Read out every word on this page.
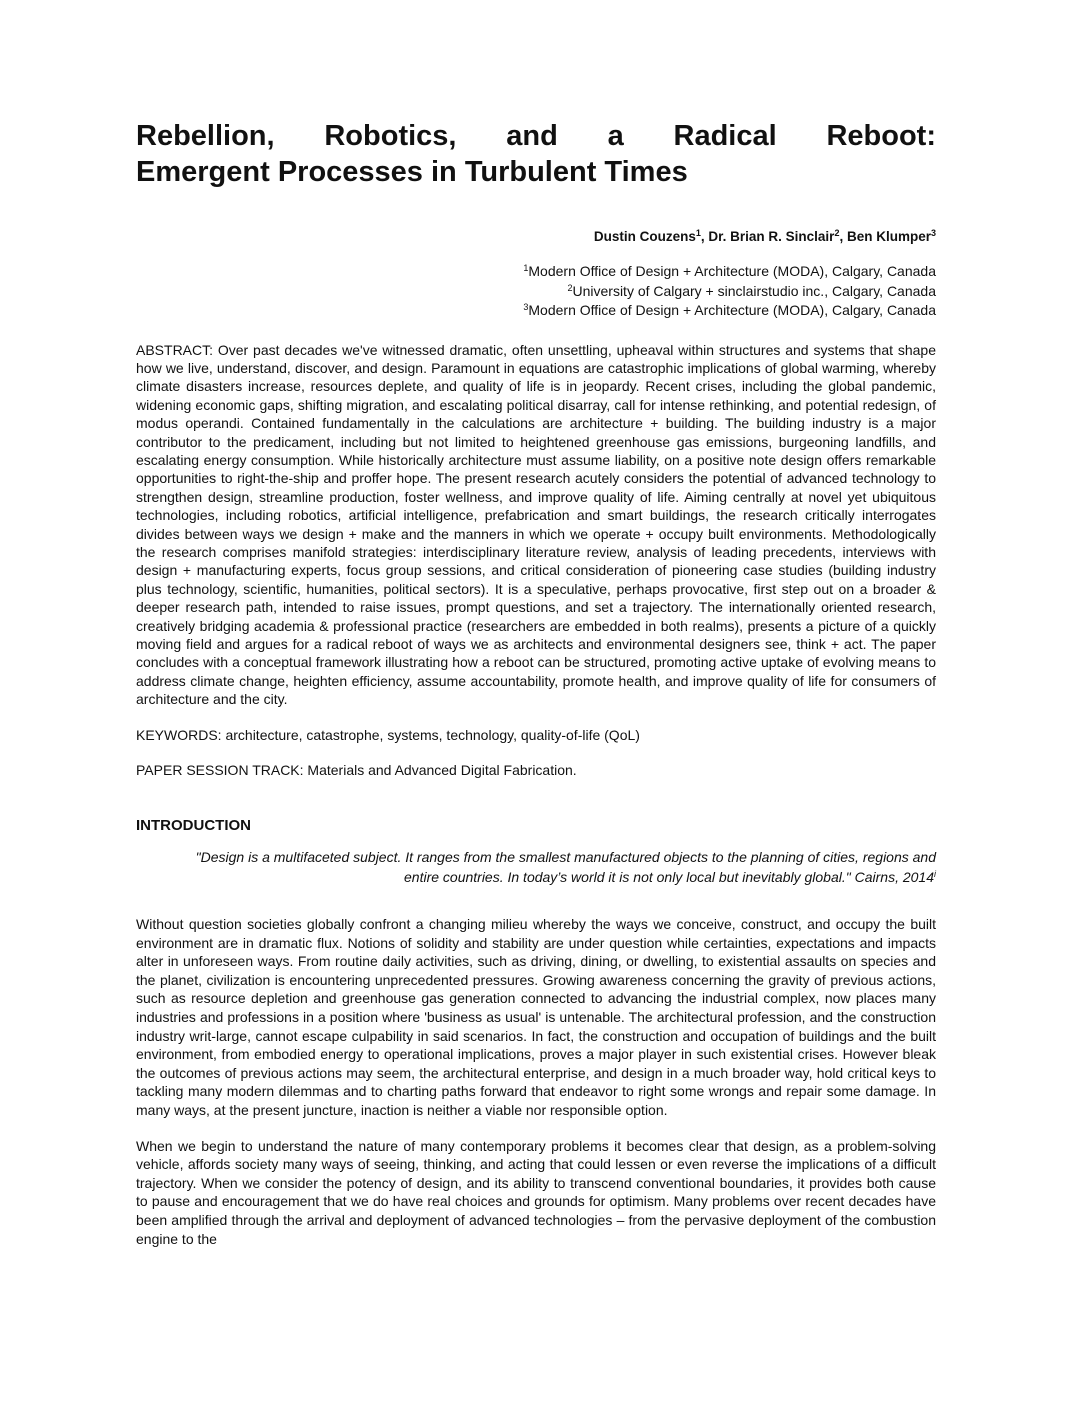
Rebellion, Robotics, and a Radical Reboot:
Emergent Processes in Turbulent Times
Dustin Couzens$^1$, Dr. Brian R. Sinclair$^2$, Ben Klumper$^3$
$^1$Modern Office of Design + Architecture (MODA), Calgary, Canada
$^2$University of Calgary + sinclairstudio inc., Calgary, Canada
$^3$Modern Office of Design + Architecture (MODA), Calgary, Canada

ABSTRACT: Over past decades we've witnessed dramatic, often unsettling, upheaval within structures and systems that shape how we live, understand, discover, and design. Paramount in equations are catastrophic implications of global warming, whereby climate disasters increase, resources deplete, and quality of life is in jeopardy. Recent crises, including the global pandemic, widening economic gaps, shifting migration, and escalating political disarray, call for intense rethinking, and potential redesign, of modus operandi. Contained fundamentally in the calculations are architecture + building. The building industry is a major contributor to the predicament, including but not limited to heightened greenhouse gas emissions, burgeoning landfills, and escalating energy consumption. While historically architecture must assume liability, on a positive note design offers remarkable opportunities to right-the-ship and proffer hope. The present research acutely considers the potential of advanced technology to strengthen design, streamline production, foster wellness, and improve quality of life. Aiming centrally at novel yet ubiquitous technologies, including robotics, artificial intelligence, prefabrication and smart buildings, the research critically interrogates divides between ways we design + make and the manners in which we operate + occupy built environments. Methodologically the research comprises manifold strategies: interdisciplinary literature review, analysis of leading precedents, interviews with design + manufacturing experts, focus group sessions, and critical consideration of pioneering case studies (building industry plus technology, scientific, humanities, political sectors). It is a speculative, perhaps provocative, first step out on a broader & deeper research path, intended to raise issues, prompt questions, and set a trajectory. The internationally oriented research, creatively bridging academia & professional practice (researchers are embedded in both realms), presents a picture of a quickly moving field and argues for a radical reboot of ways we as architects and environmental designers see, think + act. The paper concludes with a conceptual framework illustrating how a reboot can be structured, promoting active uptake of evolving means to address climate change, heighten efficiency, assume accountability, promote health, and improve quality of life for consumers of architecture and the city.

KEYWORDS: architecture, catastrophe, systems, technology, quality-of-life (QoL)

PAPER SESSION TRACK: Materials and Advanced Digital Fabrication.

INTRODUCTION

"Design is a multifaceted subject. It ranges from the smallest manufactured objects to the planning of cities, regions and entire countries. In today’s world it is not only local but inevitably global." Cairns, 2014$^i$

Without question societies globally confront a changing milieu whereby the ways we conceive, construct, and occupy the built environment are in dramatic flux. Notions of solidity and stability are under question while certainties, expectations and impacts alter in unforeseen ways. From routine daily activities, such as driving, dining, or dwelling, to existential assaults on species and the planet, civilization is encountering unprecedented pressures. Growing awareness concerning the gravity of previous actions, such as resource depletion and greenhouse gas generation connected to advancing the industrial complex, now places many industries and professions in a position where 'business as usual' is untenable. The architectural profession, and the construction industry writ-large, cannot escape culpability in said scenarios. In fact, the construction and occupation of buildings and the built environment, from embodied energy to operational implications, proves a major player in such existential crises. However bleak the outcomes of previous actions may seem, the architectural enterprise, and design in a much broader way, hold critical keys to tackling many modern dilemmas and to charting paths forward that endeavor to right some wrongs and repair some damage. In many ways, at the present juncture, inaction is neither a viable nor responsible option.

When we begin to understand the nature of many contemporary problems it becomes clear that design, as a problem-solving vehicle, affords society many ways of seeing, thinking, and acting that could lessen or even reverse the implications of a difficult trajectory. When we consider the potency of design, and its ability to transcend conventional boundaries, it provides both cause to pause and encouragement that we do have real choices and grounds for optimism. Many problems over recent decades have been amplified through the arrival and deployment of advanced technologies – from the pervasive deployment of the combustion engine to the
